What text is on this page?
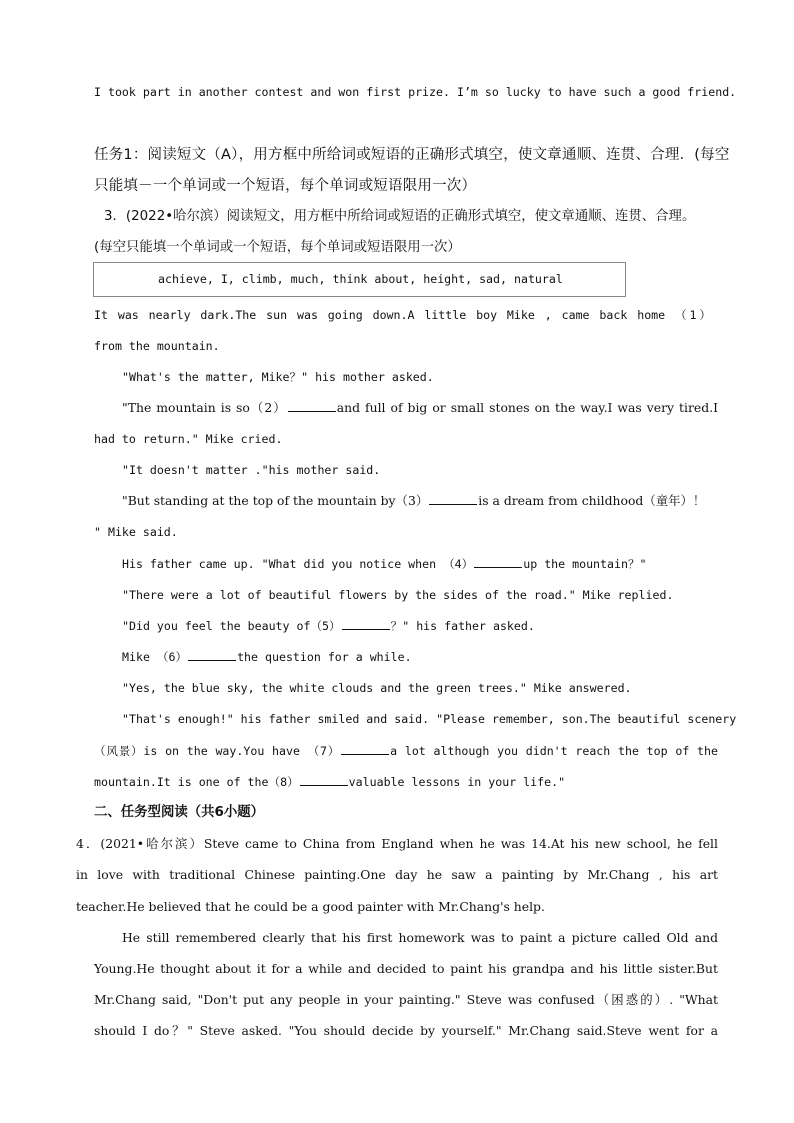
I took part in another contest and won first prize. I’m so lucky to have such a good friend.
任务1：阅读短文（A），用方框中所给词或短语的正确形式填空，使文章通顺、连贯、合理．(每空
只能填－一个单词或一个短语，每个单词或短语限用一次）
3．(2022•哈尔滨）阅读短文，用方框中所给词或短语的正确形式填空，使文章通顺、连贯、合理。
(每空只能填一个单词或一个短语，每个单词或短语限用一次）
achieve, I, climb, much, think about, height, sad, natural
It was nearly dark.The sun was going down.A little boy Mike , came back home （1）
from the mountain.
"What's the matter, Mike？" his mother asked.
"The mountain is so（2）	and full of big or small stones on the way.I was very tired.I
had to return." Mike cried.
"It doesn't matter ."his mother said.
"But standing at the top of the mountain by（3）	is a dream from childhood（童年）！
" Mike said.
His father came up. "What did you notice when （4）	up the mountain？"
"There were a lot of beautiful flowers by the sides of the road." Mike replied.
"Did you feel the beauty of（5）	？" his father asked.
Mike （6）	the question for a while.
"Yes, the blue sky, the white clouds and the green trees." Mike answered.
"That's enough!" his father smiled and said. "Please remember, son.The beautiful scenery
（风景）is on the way.You have （7）	a lot although you didn't reach the top of the
mountain.It is one of the（8）	valuable lessons in your life."
二、任务型阅读（共6小题）
4．(2021•哈尔滨）Steve came to China from England when he was 14.At his new school, he fell
in love with traditional Chinese painting.One day he saw a painting by Mr.Chang , his art
teacher.He believed that he could be a good painter with Mr.Chang's help.
He still remembered clearly that his first homework was to paint a picture called Old and
Young.He thought about it for a while and decided to paint his grandpa and his little sister.But
Mr.Chang said, "Don't put any people in your painting." Steve was confused（困惑的）. "What
should I do？" Steve asked. "You should decide by yourself." Mr.Chang said.Steve went for a
